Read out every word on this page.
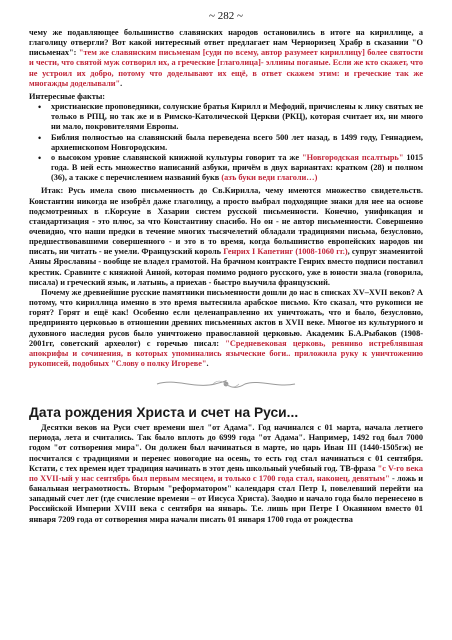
~ 282 ~

чему же подавляющее большинство славянских народов остановились в итоге на кириллице, а глаголицу отвергли? Вот какой интересный ответ предлагает нам Черноризец Храбр в сказании "О письменах": "тем же славянским письменам [суди по всему, автор разумеет кириллицу] более святости и чести, что святой муж сотворил их, а греческие [глаголица]- эллины поганые. Если же кто скажет, что не устроил их добро, потому что доделывают их ещё, в ответ скажем этим: и греческие так же многажды доделывали".

Интересные факты:

• христианские проповедники, солунские братья Кирилл и Мефодий, причислены к лику святых не только в РПЦ, но так же и в Римско-Католической Церкви (РКЦ), которая считает их, ни много ни мало, покровителями Европы.
• Библия полностью на славянский была переведена всего 500 лет назад, в 1499 году, Геннадием, архиепископом Новгородским.
• о высоком уровне славянской книжной культуры говорит та же "Новгородская псалтырь" 1015 года. В ней есть множество написаний азбуки, причём в двух вариантах: кратком (28) и полном (36), а также с перечислением названий букв (азъ буки веди глаголи…)

Итак: Русь имела свою письменность до Св.Кирилла, чему имеются множество свидетельств. Константин никогда не изобрёл даже глаголицу, а просто выбрал подходящие знаки для нее на основе подсмотренных в г.Корсуне в Хазарии систем русской письменности. Конечно, унификация и стандартизация - это плюс, за что Константину спасибо. Но он - не автор письменности. Совершенно очевидно, что наши предки в течение многих тысячелетий обладали традициями письма, безусловно, предшествовавшими совершенного - и это в то время, когда большинство европейских народов ни писать, ни читать - не умели. Французский король Генрих I Капетинг (1008-1060 гг.), супруг знаменитой Анны Ярославны - вообще не владел грамотой. На брачном контракте Генрих вместо подписи поставил крестик. Сравните с княжной Анной, которая помимо родного русского, уже в юности знала (говорила, писала) и греческий язык, и латынь, а приехав - быстро выучила французский.

Почему же древнейшие русские памятники письменности дошли до нас в списках XV–XVII веков? А потому, что кириллица именно в это время вытеснила арабское письмо. Кто сказал, что рукописи не горят? Горят и ещё как! Особенно если целенаправленно их уничтожать, что и было, безусловно, предпринято церковью в отношении древних письменных актов в XVII веке. Многое из культурного и духовного наследия русов было уничтожено православной церковью. Академик Б.А.Рыбаков (1908-2001гг, советский археолог) с горечью писал: "Средневековая церковь, ревниво истреблявшая апокрифы и сочинения, в которых упоминались языческие боги.. приложила руку к уничтожению рукописей, подобных "Слову о полку Игореве".

Дата рождения Христа и счет на Руси...

Десятки веков на Руси счет времени шел "от Адама". Год начинался с 01 марта, начала летнего периода, лета и считались. Так было вплоть до 6999 года "от Адама". Например, 1492 год был 7000 годом "от сотворения мира". Он должен был начинаться в марте, но царь Иван III (1440-1505гж) не посчитался с традициями и перенес новогодие на осень, то есть год стал начинаться с 01 сентября. Кстати, с тех времен идет традиция начинать в этот день школьный учебный год. ТВ-фраза "с V-го века по XVII-ый у нас сентябрь был первым месяцем, и только с 1700 года стал, наконец, девятым" - ложь и банальная неграмотность. Вторым "реформатором" календаря стал Петр I, повелевший перейти на западный счет лет (где счисление времени – от Иисуса Христа). Заодно и начало года было перенесено в Российской Империи XVIII века с сентября на январь. Т.е. лишь при Петре I Окаянном вместо 01 января 7209 года от сотворения мира начали писать 01 января 1700 года от рождества
